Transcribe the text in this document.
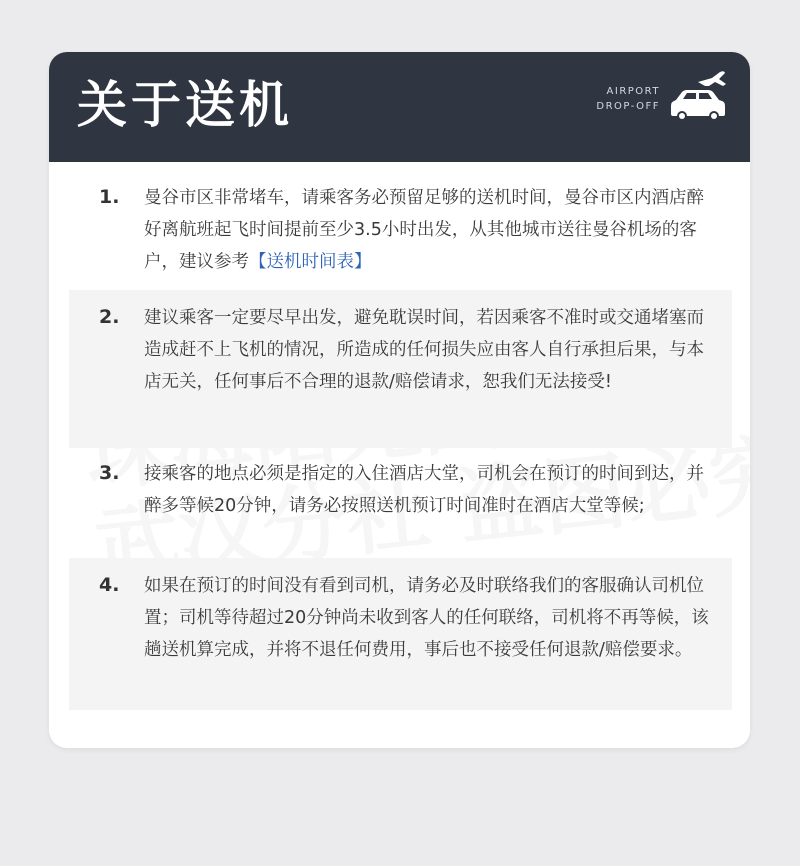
关于送机	AIRPORT
DROP-OFF
1. 曼谷市区非常堵车，请乘客务必预留足够的送机时间，曼谷市区内酒店醉好离航班起飞时间提前至少3.5小时出发，从其他城市送往曼谷机场的客户，建议参考【送机时间表】
2. 建议乘客一定要尽早出发，避免耽误时间，若因乘客不准时或交通堵塞而造成赶不上飞机的情况，所造成的任何损失应由客人自行承担后果，与本店无关，任何事后不合理的退款/赔偿请求，恕我们无法接受!
3. 接乘客的地点必须是指定的入住酒店大堂，司机会在预订的时间到达，并醉多等候20分钟，请务必按照送机预订时间准时在酒店大堂等候;
4. 如果在预订的时间没有看到司机，请务必及时联络我们的客服确认司机位置；司机等待超过20分钟尚未收到客人的任何联络，司机将不再等候，该趟送机算完成，并将不退任何费用，事后也不接受任何退款/赔偿要求。
